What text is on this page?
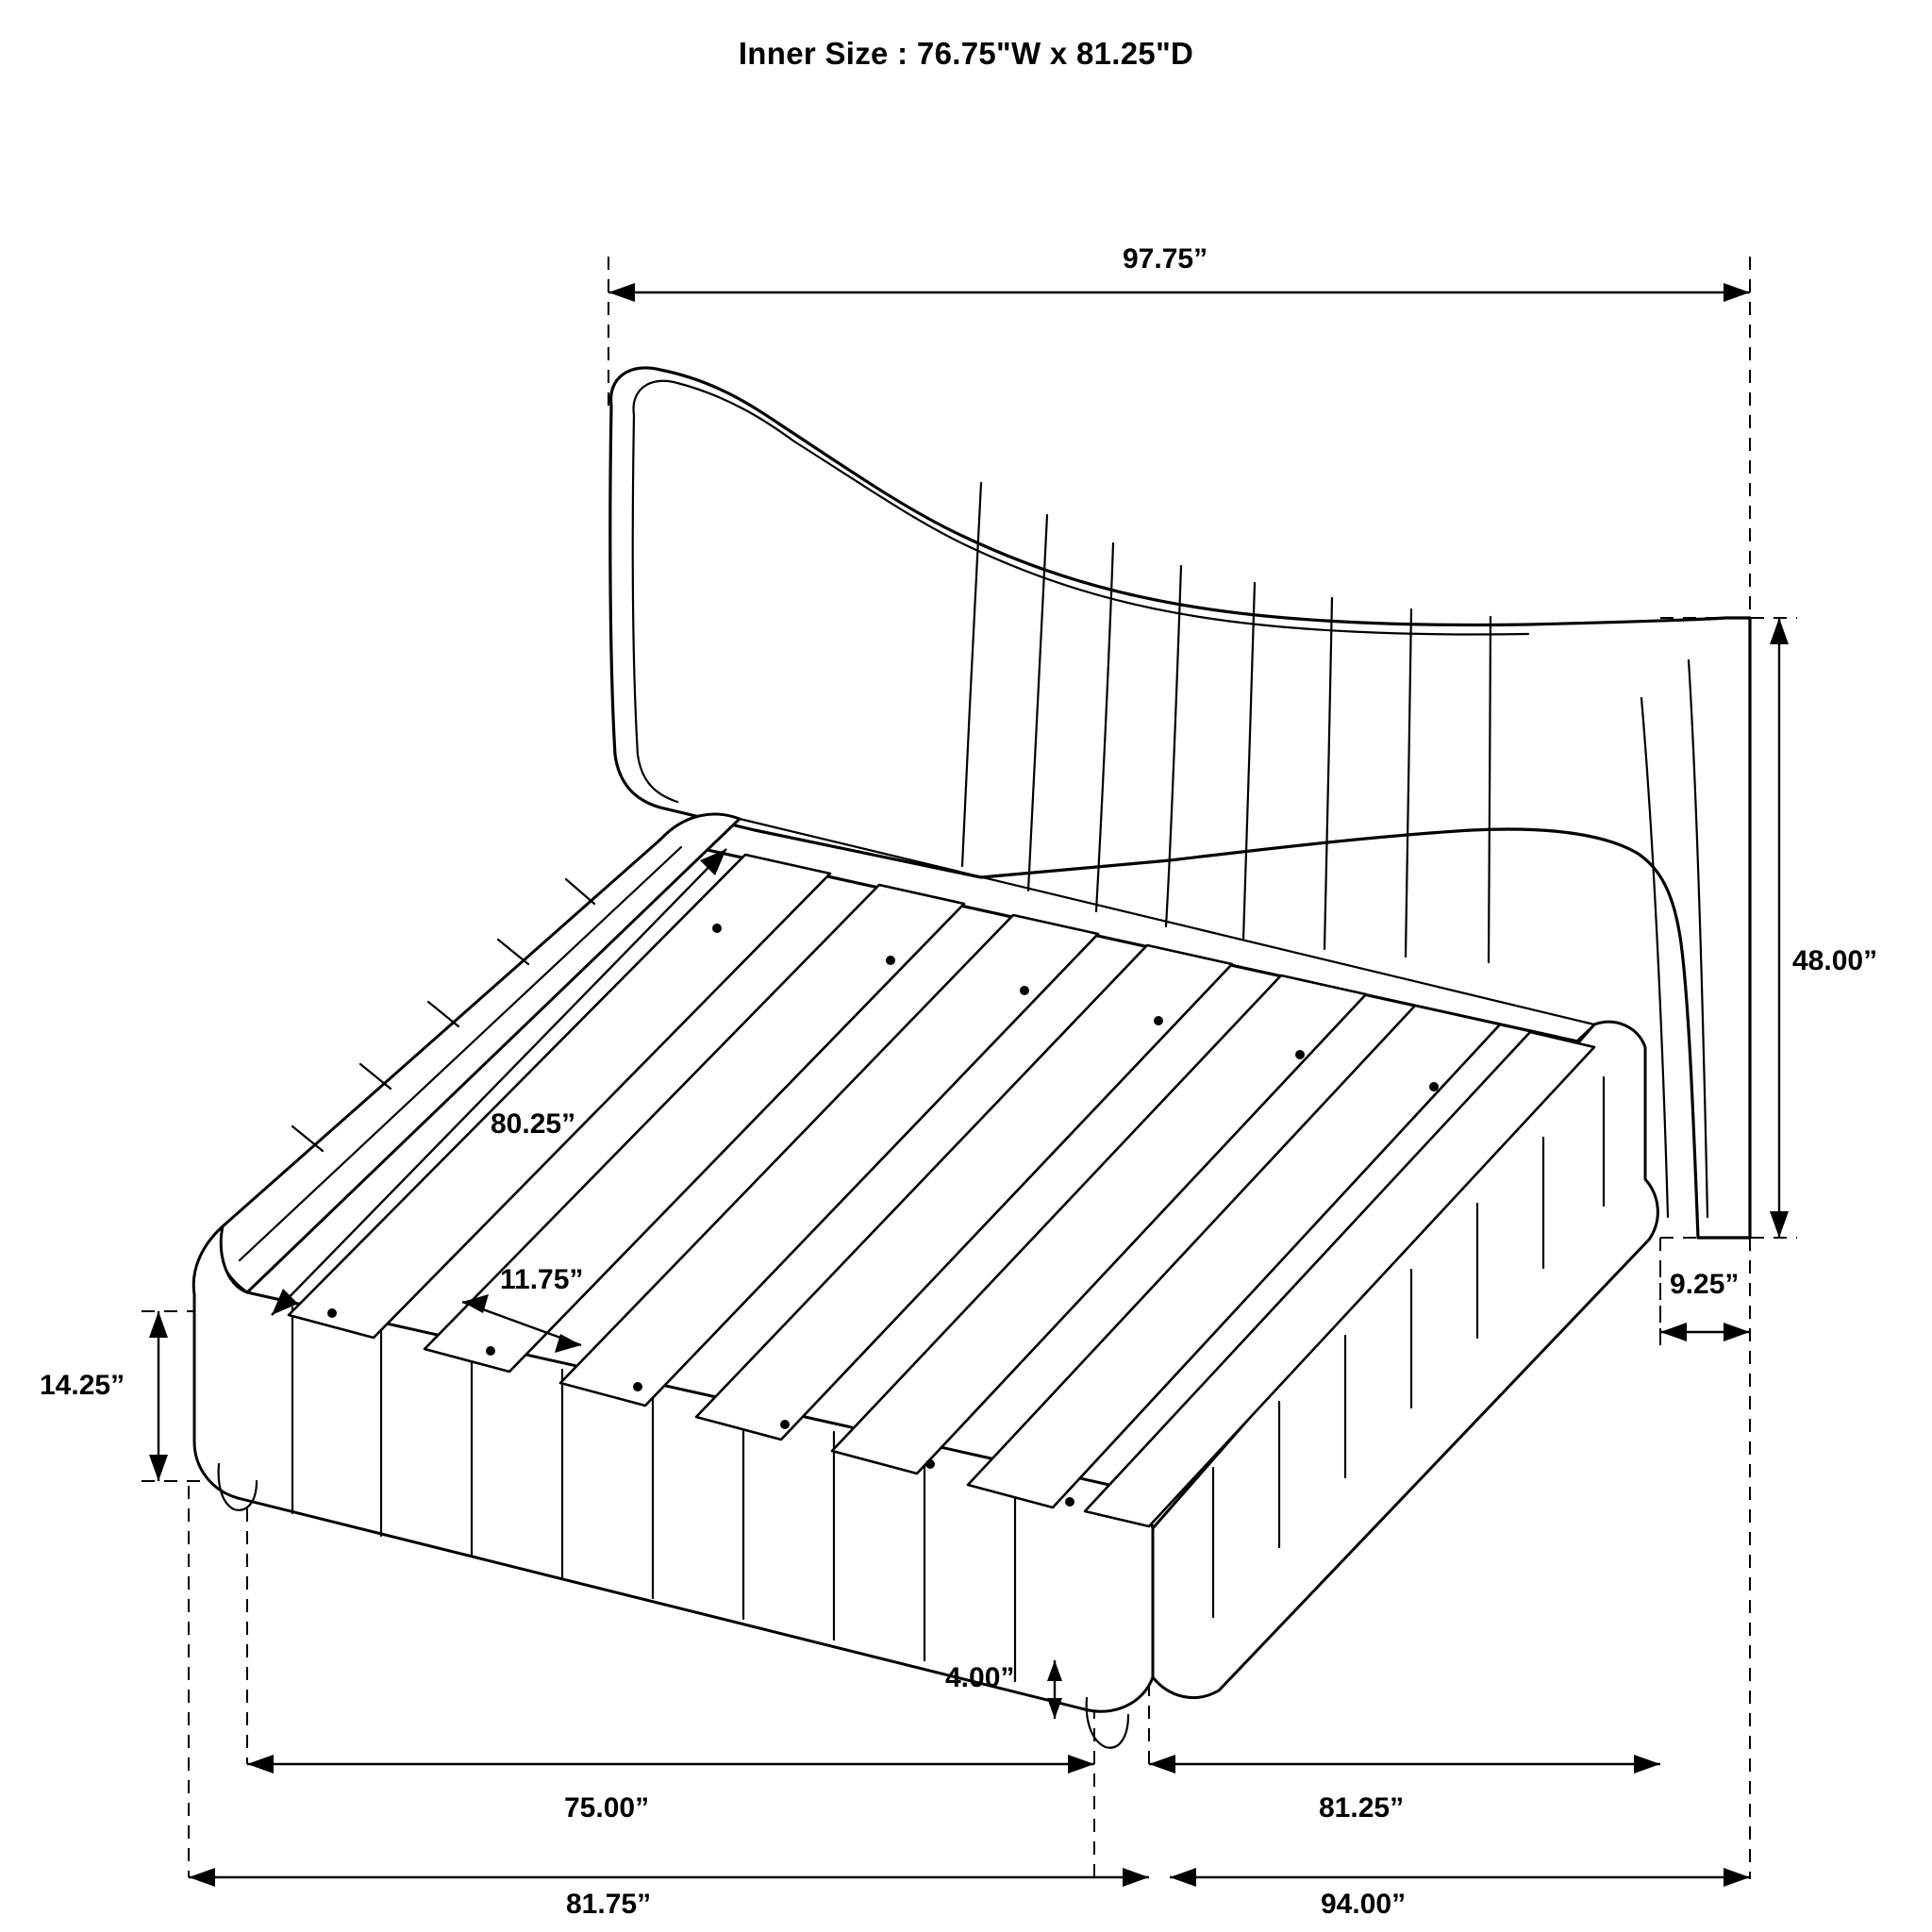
Inner Size : 76.75"W x 81.25"D
97.75”
48.00”
80.25”
11.75”
14.25”
9.25”
4.00”
75.00”	81.25”
81.75”	94.00”
